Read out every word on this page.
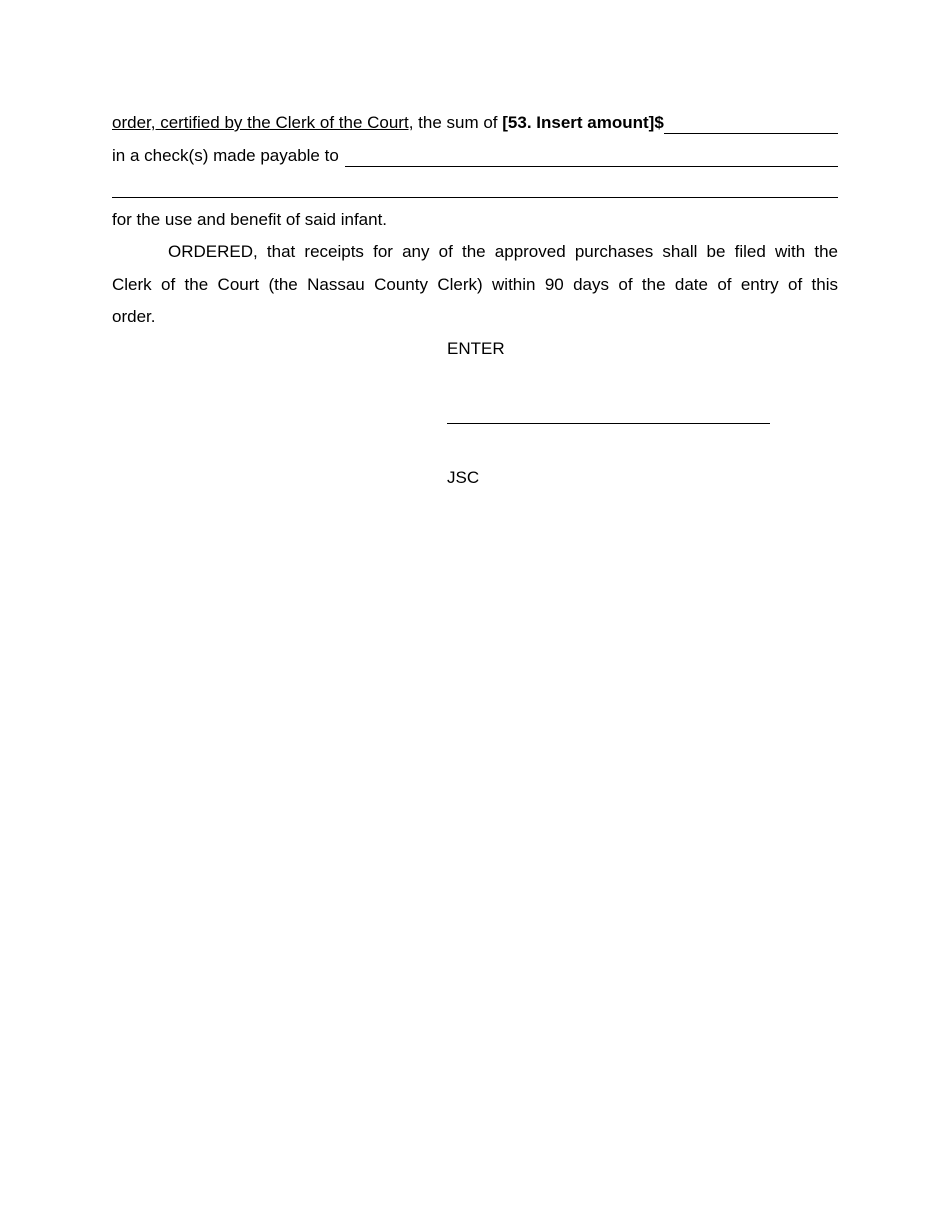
order, certified by the Clerk of the Court, the sum of [53. Insert amount]$
in a check(s) made payable to
for the use and benefit of said infant.
ORDERED, that receipts for any of the approved purchases shall be filed with the
Clerk of the Court (the Nassau County Clerk) within 90 days of the date of entry of this
order.
ENTER
JSC
